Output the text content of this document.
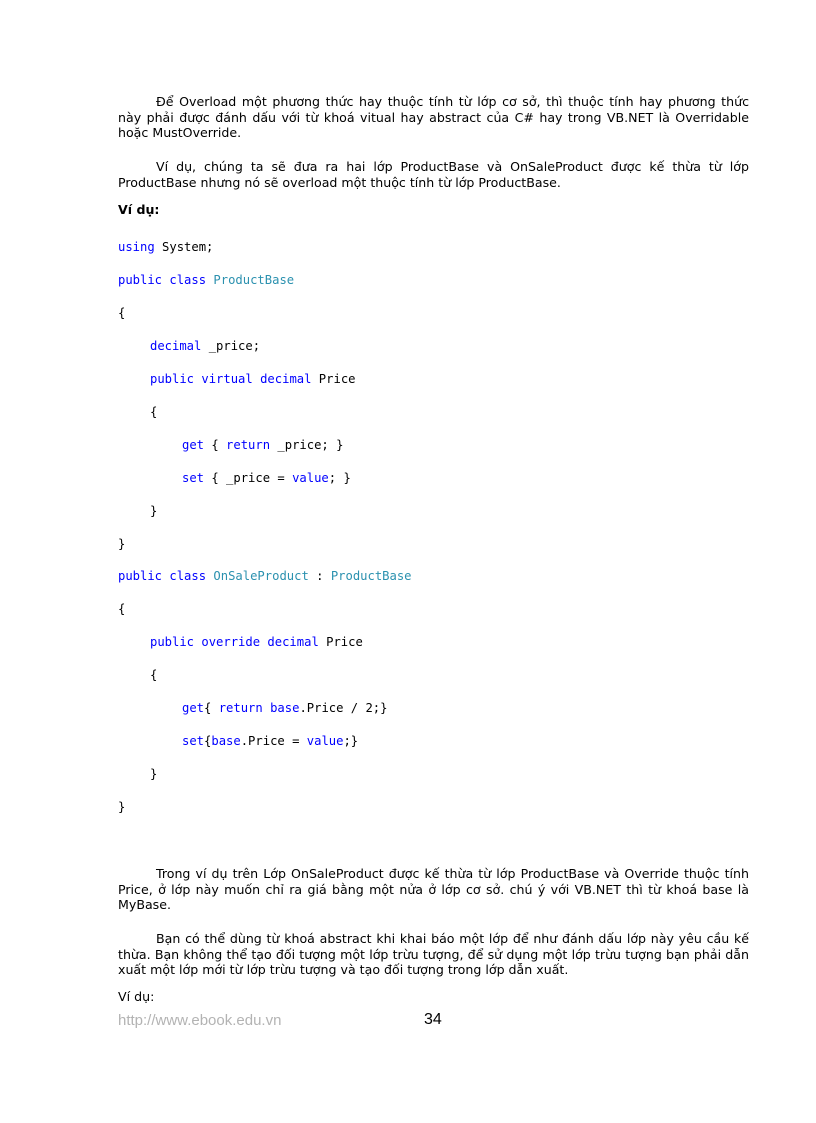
Để Overload một phương thức hay thuộc tính từ lớp cơ sở, thì thuộc tính hay phương thức này phải được đánh dấu với từ khoá vitual hay abstract của C# hay trong VB.NET là Overridable hoặc MustOverride.

Ví dụ, chúng ta sẽ đưa ra hai lớp ProductBase và OnSaleProduct được kế thừa từ lớp ProductBase nhưng nó sẽ overload một thuộc tính từ lớp ProductBase.

Ví dụ:

using System;
public class ProductBase
{
decimal _price;
public virtual decimal Price
{
get { return _price; }
set { _price = value; }
}
}
public class OnSaleProduct : ProductBase
{
public override decimal Price
{
get{ return base.Price / 2;}
set{base.Price = value;}
}
}

Trong ví dụ trên Lớp OnSaleProduct được kế thừa từ lớp ProductBase và Override thuộc tính Price, ở lớp này muốn chỉ ra giá bằng một nửa ở lớp cơ sở. chú ý với VB.NET thì từ khoá base là MyBase.

Bạn có thể dùng từ khoá abstract khi khai báo một lớp để như đánh dấu lớp này yêu cầu kế thừa. Bạn không thể tạo đối tượng một lớp trừu tượng, để sử dụng một lớp trừu tượng bạn phải dẫn xuất một lớp mới từ lớp trừu tượng và tạo đối tượng trong lớp dẫn xuất.

Ví dụ:

http://www.ebook.edu.vn	34
